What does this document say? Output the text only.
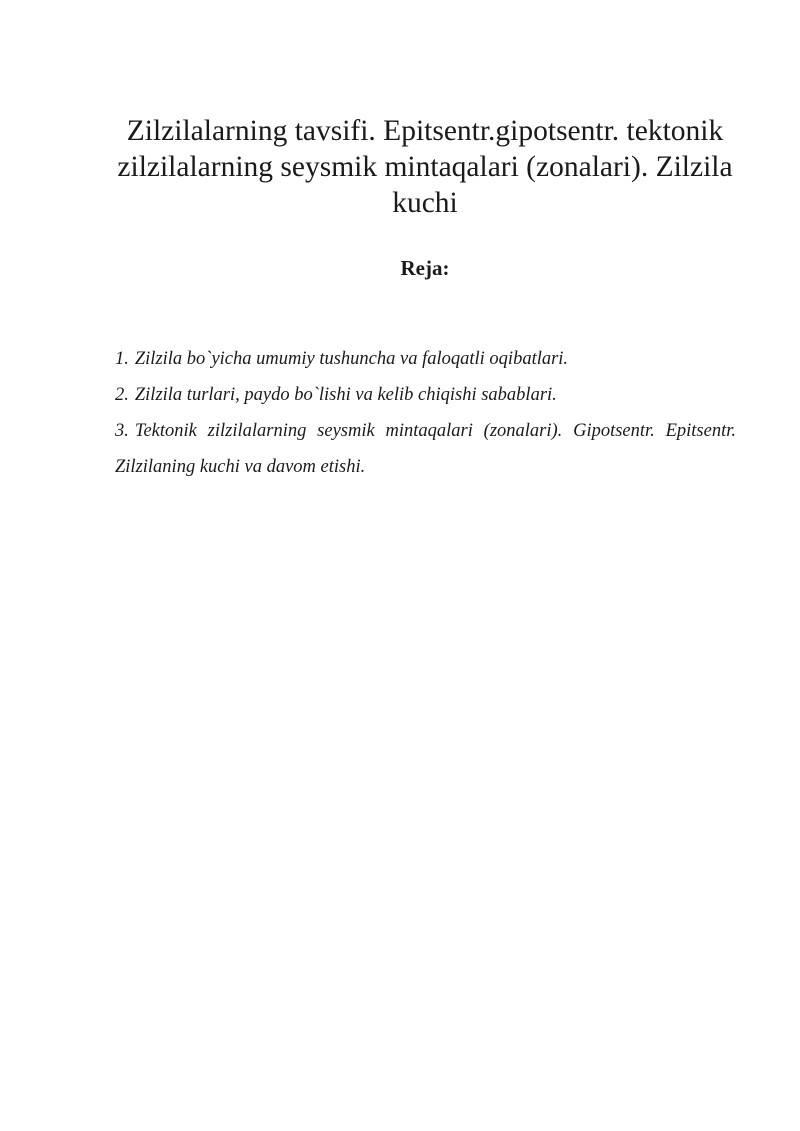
Zilzilalarning tavsifi. Epitsentr.gipotsentr. tektonik zilzilalarning seysmik mintaqalari (zonalari). Zilzila kuchi
Reja:
1. Zilzila bo`yicha umumiy tushuncha va faloqatli oqibatlari.
2. Zilzila turlari, paydo bo`lishi va kelib chiqishi sabablari.
3. Tektonik zilzilalarning seysmik mintaqalari (zonalari). Gipotsentr. Epitsentr. Zilzilaning kuchi va davom etishi.
